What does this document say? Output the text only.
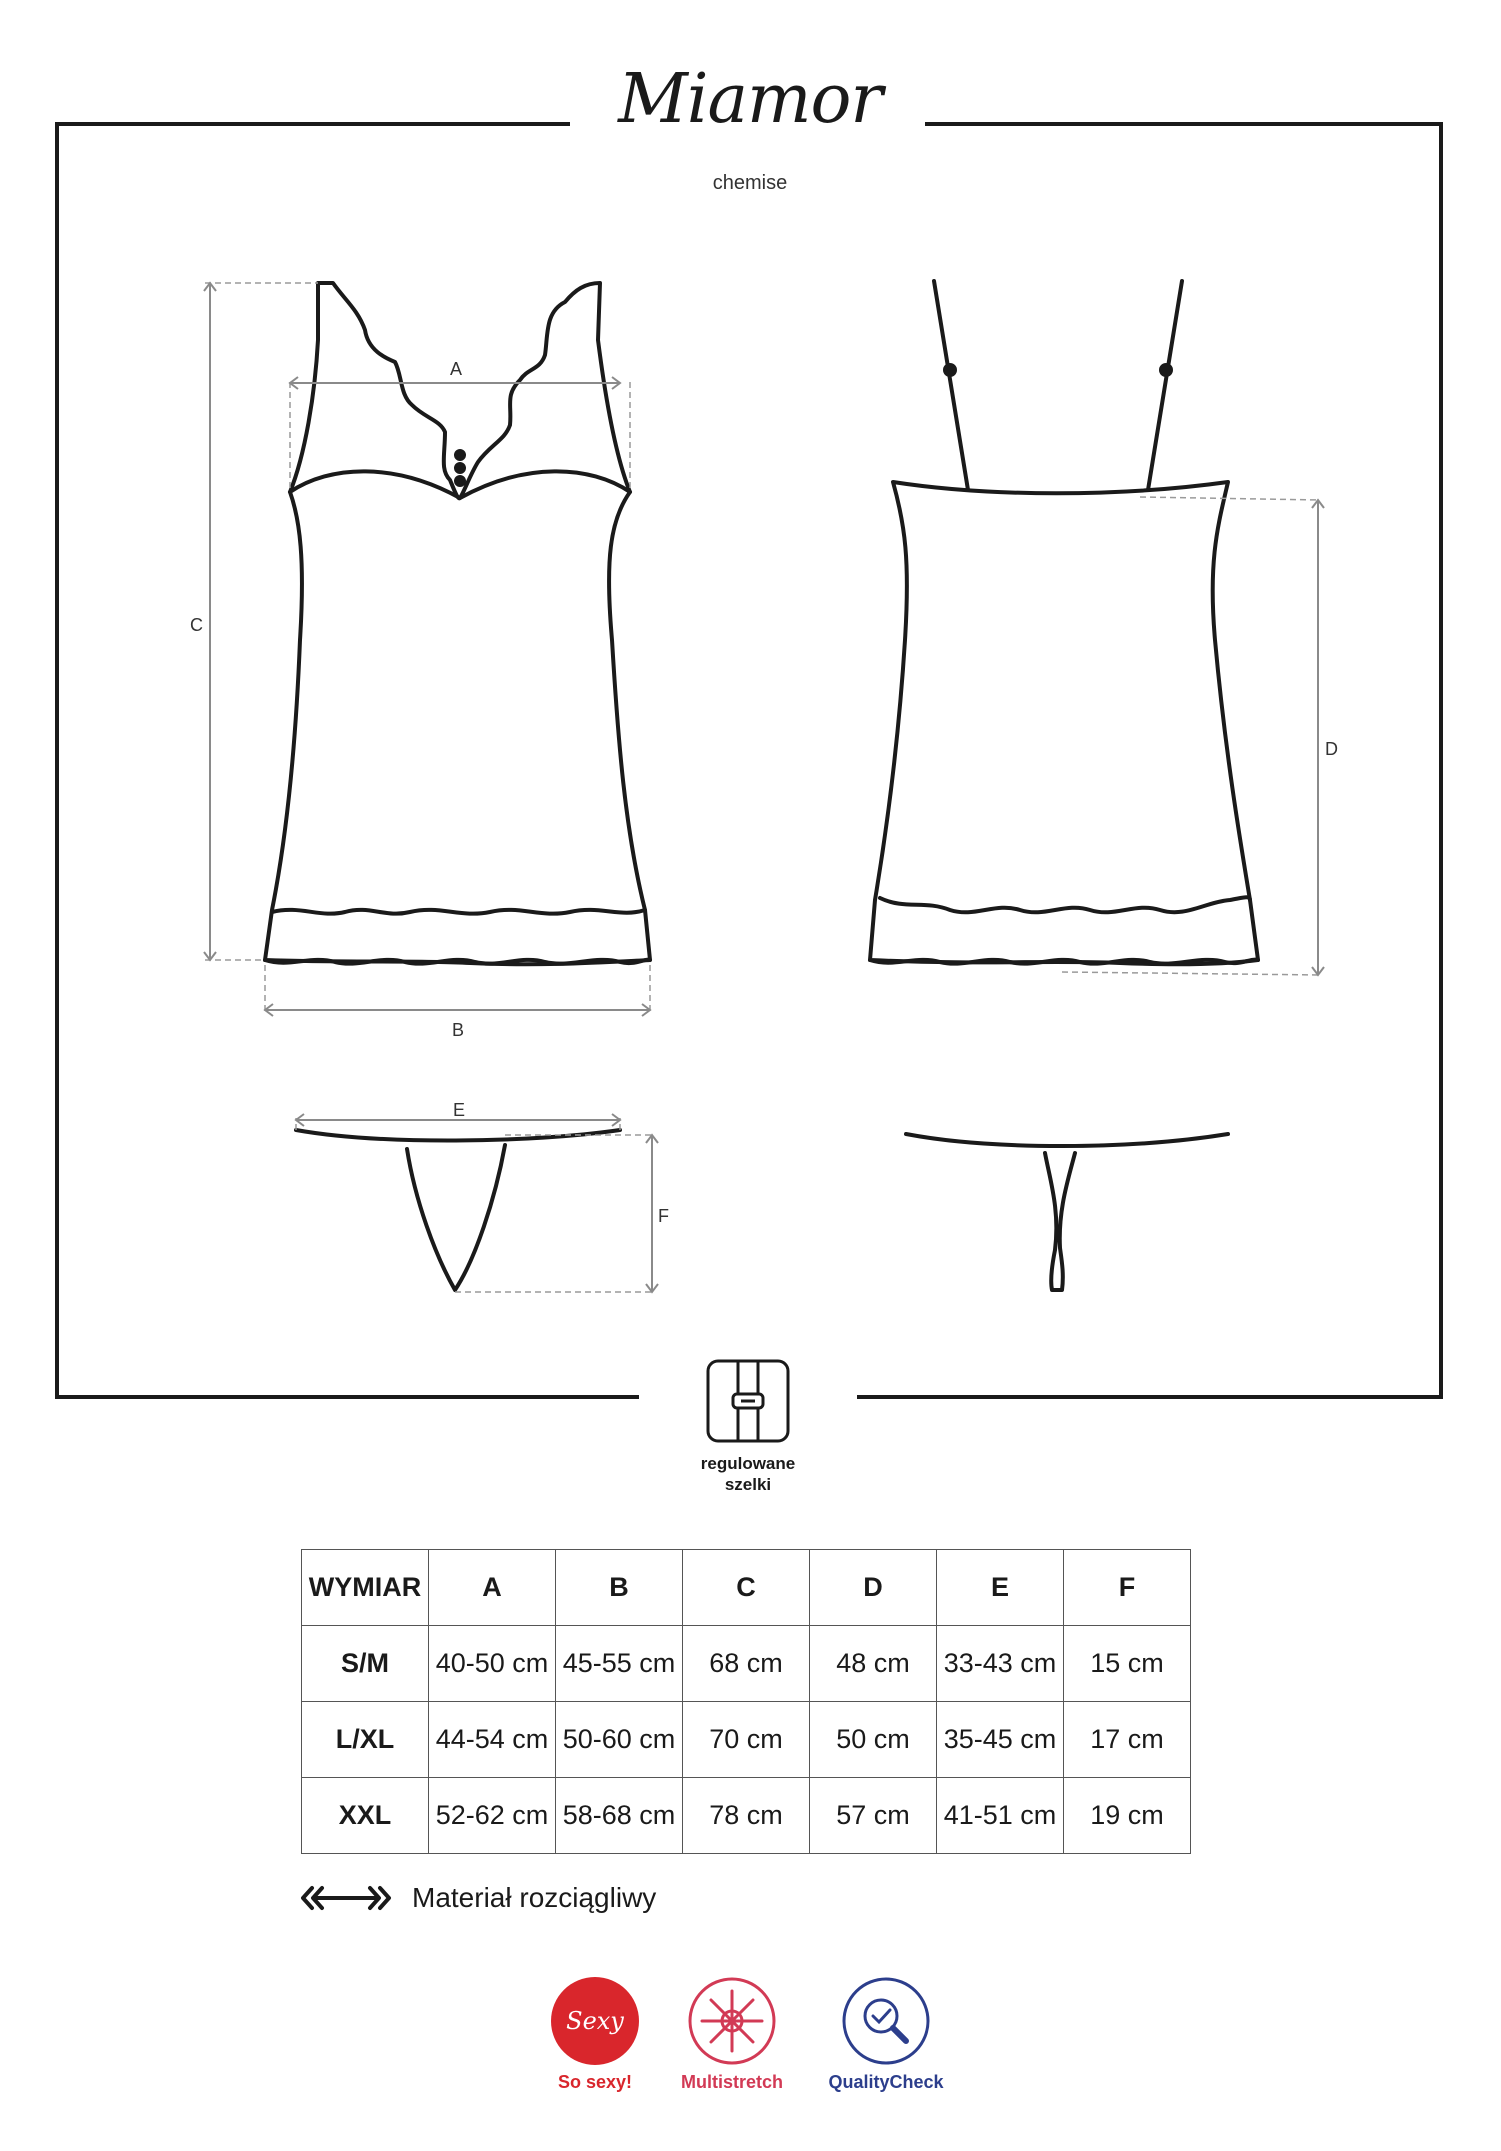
Miamor
chemise
A
B
C
D
E
F
regulowane
szelki
WYMIAR	A	B	C	D	E	F
S/M	40-50 cm	45-55 cm	68 cm	48 cm	33-43 cm	15 cm
L/XL	44-54 cm	50-60 cm	70 cm	50 cm	35-45 cm	17 cm
XXL	52-62 cm	58-68 cm	78 cm	57 cm	41-51 cm	19 cm
Materiał rozciągliwy
Sexy
So sexy!	Multistretch	QualityCheck
